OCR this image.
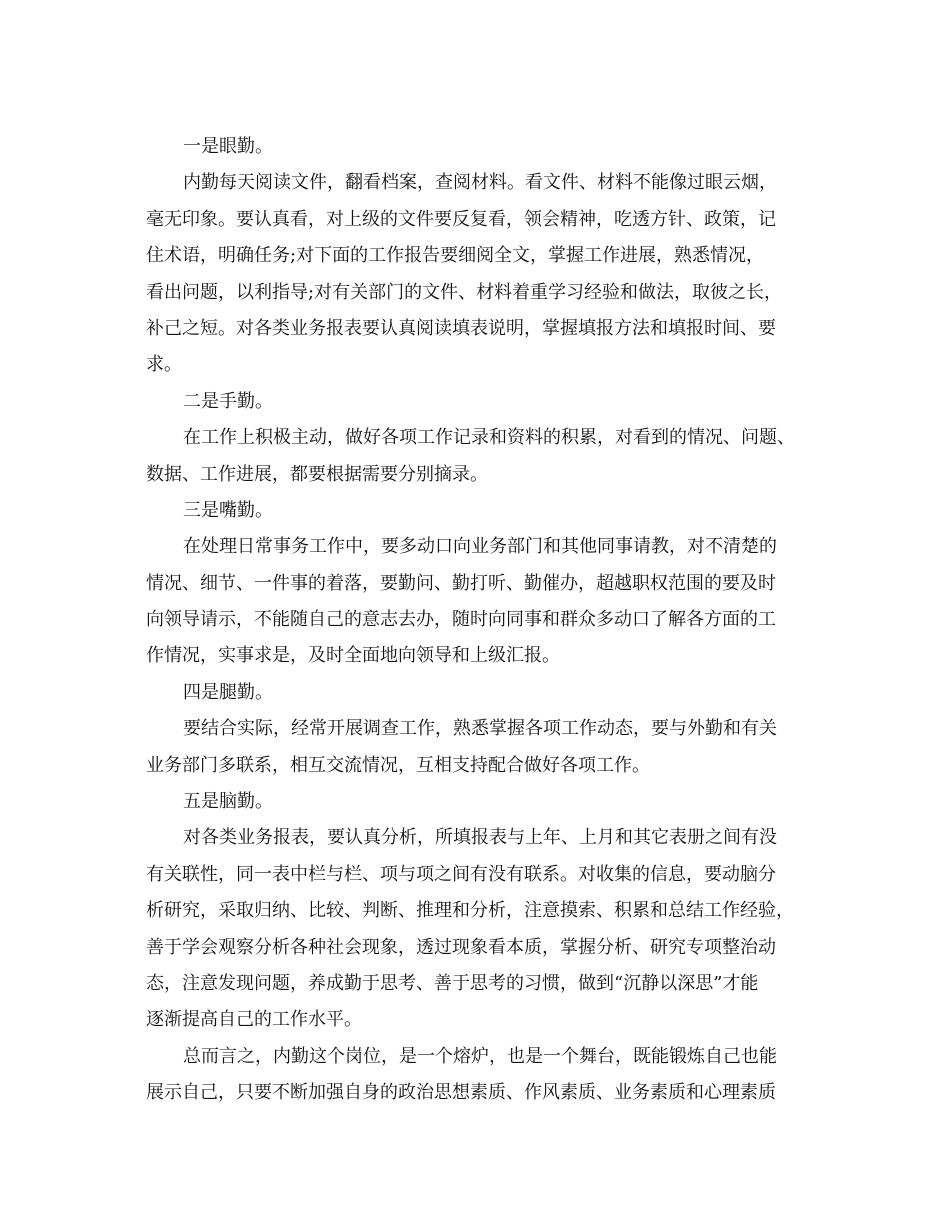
一是眼勤。
内勤每天阅读文件，翻看档案，查阅材料。看文件、材料不能像过眼云烟，
毫无印象。要认真看，对上级的文件要反复看，领会精神，吃透方针、政策，记
住术语，明确任务;对下面的工作报告要细阅全文，掌握工作进展，熟悉情况，
看出问题，以利指导;对有关部门的文件、材料着重学习经验和做法，取彼之长，
补己之短。对各类业务报表要认真阅读填表说明，掌握填报方法和填报时间、要
求。
二是手勤。
在工作上积极主动，做好各项工作记录和资料的积累，对看到的情况、问题、
数据、工作进展，都要根据需要分别摘录。
三是嘴勤。
在处理日常事务工作中，要多动口向业务部门和其他同事请教，对不清楚的
情况、细节、一件事的着落，要勤问、勤打听、勤催办，超越职权范围的要及时
向领导请示，不能随自己的意志去办，随时向同事和群众多动口了解各方面的工
作情况，实事求是，及时全面地向领导和上级汇报。
四是腿勤。
要结合实际，经常开展调查工作，熟悉掌握各项工作动态，要与外勤和有关
业务部门多联系，相互交流情况，互相支持配合做好各项工作。
五是脑勤。
对各类业务报表，要认真分析，所填报表与上年、上月和其它表册之间有没
有关联性，同一表中栏与栏、项与项之间有没有联系。对收集的信息，要动脑分
析研究，采取归纳、比较、判断、推理和分析，注意摸索、积累和总结工作经验，
善于学会观察分析各种社会现象，透过现象看本质，掌握分析、研究专项整治动
态，注意发现问题，养成勤于思考、善于思考的习惯，做到“沉静以深思”才能
逐渐提高自己的工作水平。
总而言之，内勤这个岗位，是一个熔炉，也是一个舞台，既能锻炼自己也能
展示自己，只要不断加强自身的政治思想素质、作风素质、业务素质和心理素质
